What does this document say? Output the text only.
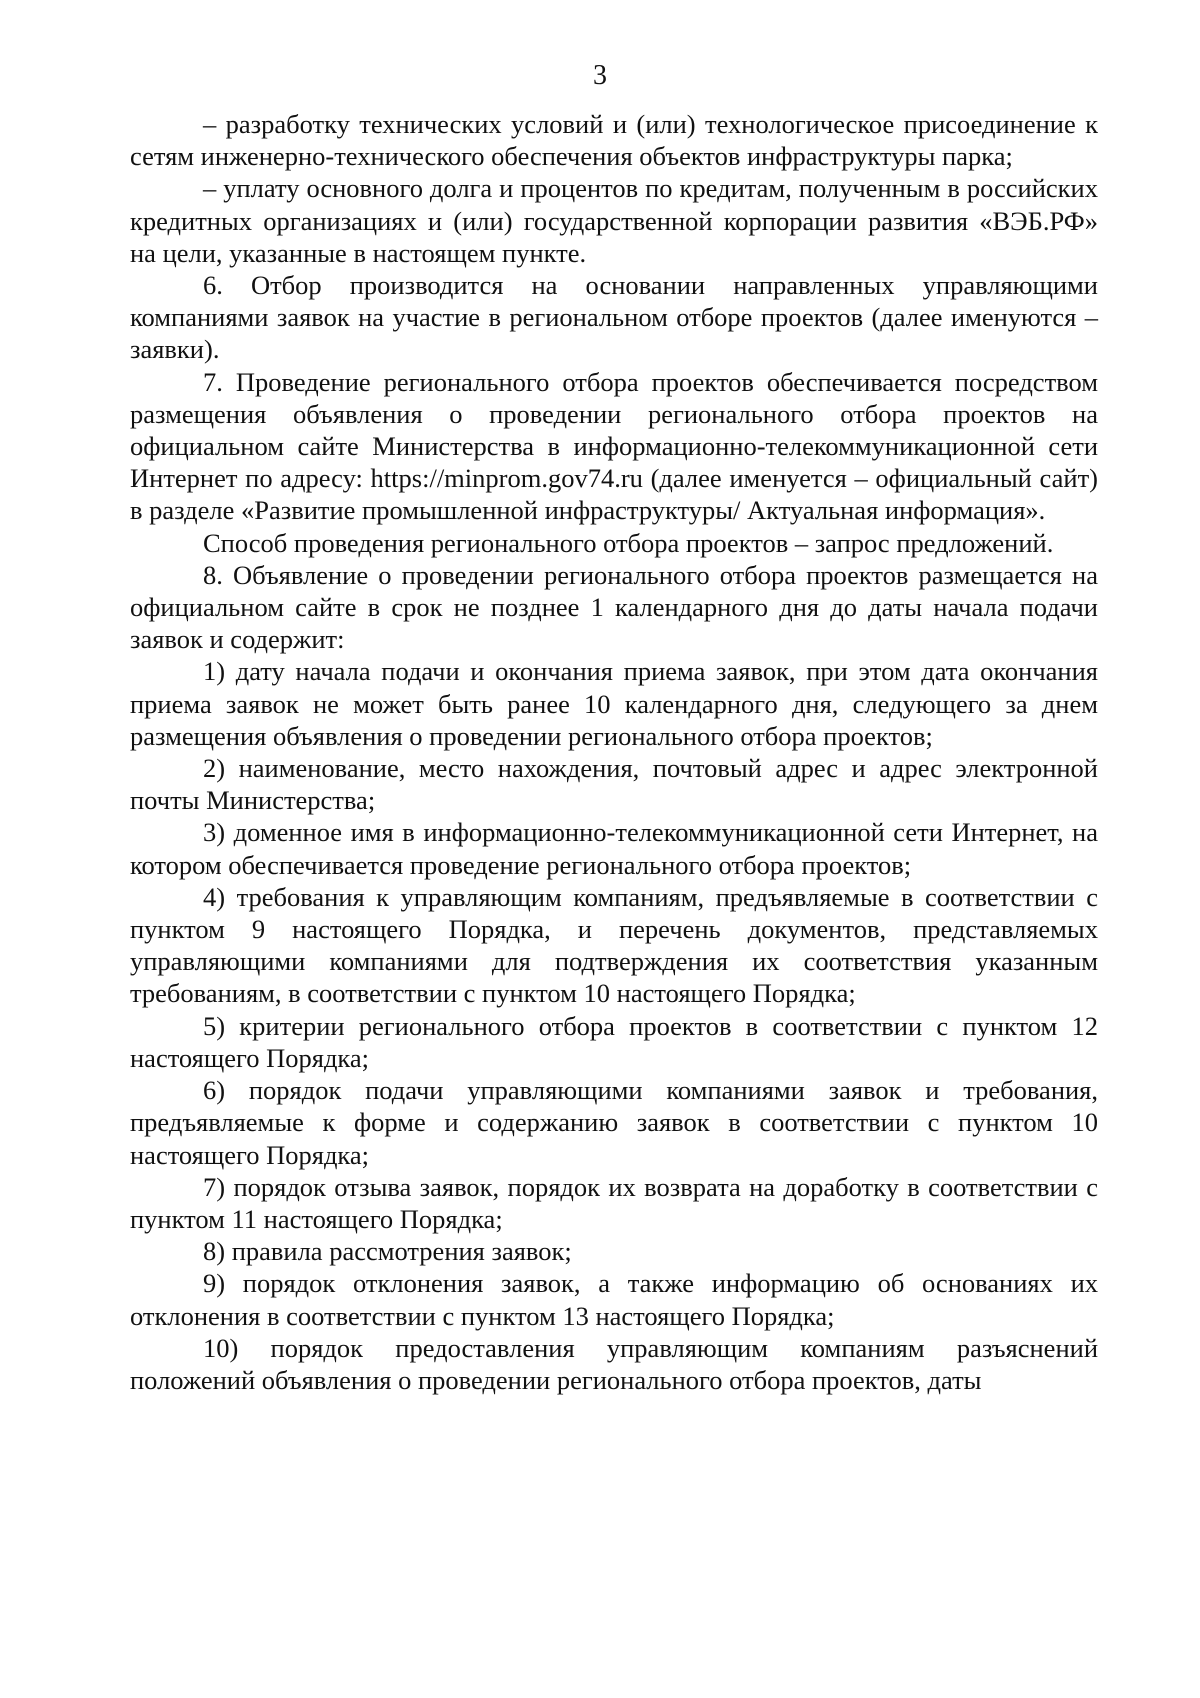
3

– разработку технических условий и (или) технологическое присоединение к сетям инженерно-технического обеспечения объектов инфраструктуры парка;

– уплату основного долга и процентов по кредитам, полученным в российских кредитных организациях и (или) государственной корпорации развития «ВЭБ.РФ» на цели, указанные в настоящем пункте.

6. Отбор производится на основании направленных управляющими компаниями заявок на участие в региональном отборе проектов (далее именуются – заявки).

7. Проведение регионального отбора проектов обеспечивается посредством размещения объявления о проведении регионального отбора проектов на официальном сайте Министерства в информационно-телекоммуникационной сети Интернет по адресу: https://minprom.gov74.ru (далее именуется – официальный сайт) в разделе «Развитие промышленной инфраструктуры/ Актуальная информация».

Способ проведения регионального отбора проектов – запрос предложений.

8. Объявление о проведении регионального отбора проектов размещается на официальном сайте в срок не позднее 1 календарного дня до даты начала подачи заявок и содержит:

1) дату начала подачи и окончания приема заявок, при этом дата окончания приема заявок не может быть ранее 10 календарного дня, следующего за днем размещения объявления о проведении регионального отбора проектов;

2) наименование, место нахождения, почтовый адрес и адрес электронной почты Министерства;

3) доменное имя в информационно-телекоммуникационной сети Интернет, на котором обеспечивается проведение регионального отбора проектов;

4) требования к управляющим компаниям, предъявляемые в соответствии с пунктом 9 настоящего Порядка, и перечень документов, представляемых управляющими компаниями для подтверждения их соответствия указанным требованиям, в соответствии с пунктом 10 настоящего Порядка;

5) критерии регионального отбора проектов в соответствии с пунктом 12 настоящего Порядка;

6) порядок подачи управляющими компаниями заявок и требования, предъявляемые к форме и содержанию заявок в соответствии с пунктом 10 настоящего Порядка;

7) порядок отзыва заявок, порядок их возврата на доработку в соответствии с пунктом 11 настоящего Порядка;

8) правила рассмотрения заявок;

9) порядок отклонения заявок, а также информацию об основаниях их отклонения в соответствии с пунктом 13 настоящего Порядка;

10) порядок предоставления управляющим компаниям разъяснений положений объявления о проведении регионального отбора проектов, даты
